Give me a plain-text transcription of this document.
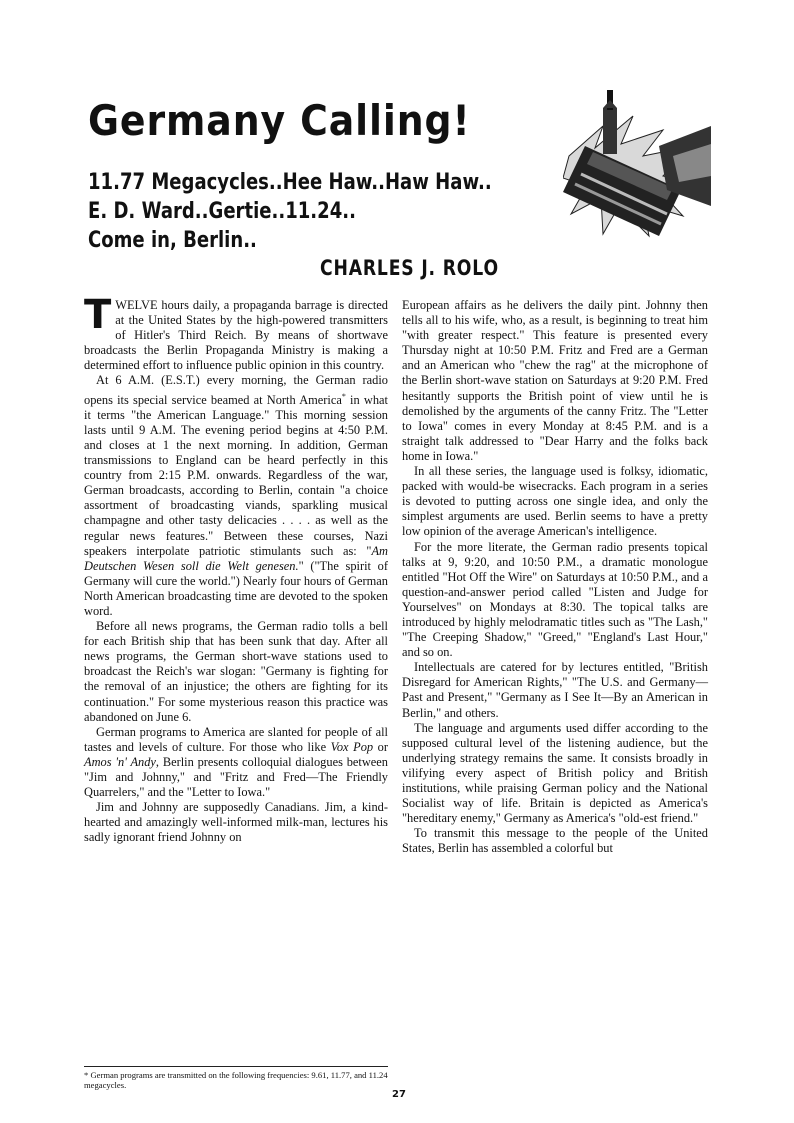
Germany Calling!
11.77 Megacycles..Hee Haw..Haw Haw..
E. D. Ward..Gertie..11.24..
Come in, Berlin..
CHARLES J. ROLO

TWELVE hours daily, a propaganda barrage is directed at the United States by the high-powered transmitters of Hitler's Third Reich. By means of shortwave broadcasts the Berlin Propaganda Ministry is making a determined effort to influence public opinion in this country.

At 6 A.M. (E.S.T.) every morning, the German radio opens its special service beamed at North America* in what it terms "the American Language." This morning session lasts until 9 A.M. The evening period begins at 4:50 P.M. and closes at 1 the next morning. In addition, German transmissions to England can be heard perfectly in this country from 2:15 P.M. onwards. Regardless of the war, German broadcasts, according to Berlin, contain "a choice assortment of broadcasting viands, sparkling musical champagne and other tasty delicacies . . . . as well as the regular news features." Between these courses, Nazi speakers interpolate patriotic stimulants such as: "Am Deutschen Wesen soll die Welt genesen." ("The spirit of Germany will cure the world.") Nearly four hours of German North American broadcasting time are devoted to the spoken word.

Before all news programs, the German radio tolls a bell for each British ship that has been sunk that day. After all news programs, the German short-wave stations used to broadcast the Reich's war slogan: "Germany is fighting for the removal of an injustice; the others are fighting for its continuation." For some mysterious reason this practice was abandoned on June 6.

German programs to America are slanted for people of all tastes and levels of culture. For those who like Vox Pop or Amos 'n' Andy, Berlin presents colloquial dialogues between "Jim and Johnny," and "Fritz and Fred—The Friendly Quarrelers," and the "Letter to Iowa."

Jim and Johnny are supposedly Canadians. Jim, a kind-hearted and amazingly well-informed milk-man, lectures his sadly ignorant friend Johnny on

European affairs as he delivers the daily pint. Johnny then tells all to his wife, who, as a result, is beginning to treat him "with greater respect." This feature is presented every Thursday night at 10:50 P.M. Fritz and Fred are a German and an American who "chew the rag" at the microphone of the Berlin short-wave station on Saturdays at 9:20 P.M. Fred hesitantly supports the British point of view until he is demolished by the arguments of the canny Fritz. The "Letter to Iowa" comes in every Monday at 8:45 P.M. and is a straight talk addressed to "Dear Harry and the folks back home in Iowa."

In all these series, the language used is folksy, idiomatic, packed with would-be wisecracks. Each program in a series is devoted to putting across one single idea, and only the simplest arguments are used. Berlin seems to have a pretty low opinion of the average American's intelligence.

For the more literate, the German radio presents topical talks at 9, 9:20, and 10:50 P.M., a dramatic monologue entitled "Hot Off the Wire" on Saturdays at 10:50 P.M., and a question-and-answer period called "Listen and Judge for Yourselves" on Mondays at 8:30. The topical talks are introduced by highly melodramatic titles such as "The Lash," "The Creeping Shadow," "Greed," "England's Last Hour," and so on.

Intellectuals are catered for by lectures entitled, "British Disregard for American Rights," "The U.S. and Germany—Past and Present," "Germany as I See It—By an American in Berlin," and others.

The language and arguments used differ according to the supposed cultural level of the listening audience, but the underlying strategy remains the same. It consists broadly in vilifying every aspect of British policy and British institutions, while praising German policy and the National Socialist way of life. Britain is depicted as America's "hereditary enemy," Germany as America's "old-est friend."

To transmit this message to the people of the United States, Berlin has assembled a colorful but

* German programs are transmitted on the following frequencies: 9.61, 11.77, and 11.24 megacycles.
27
